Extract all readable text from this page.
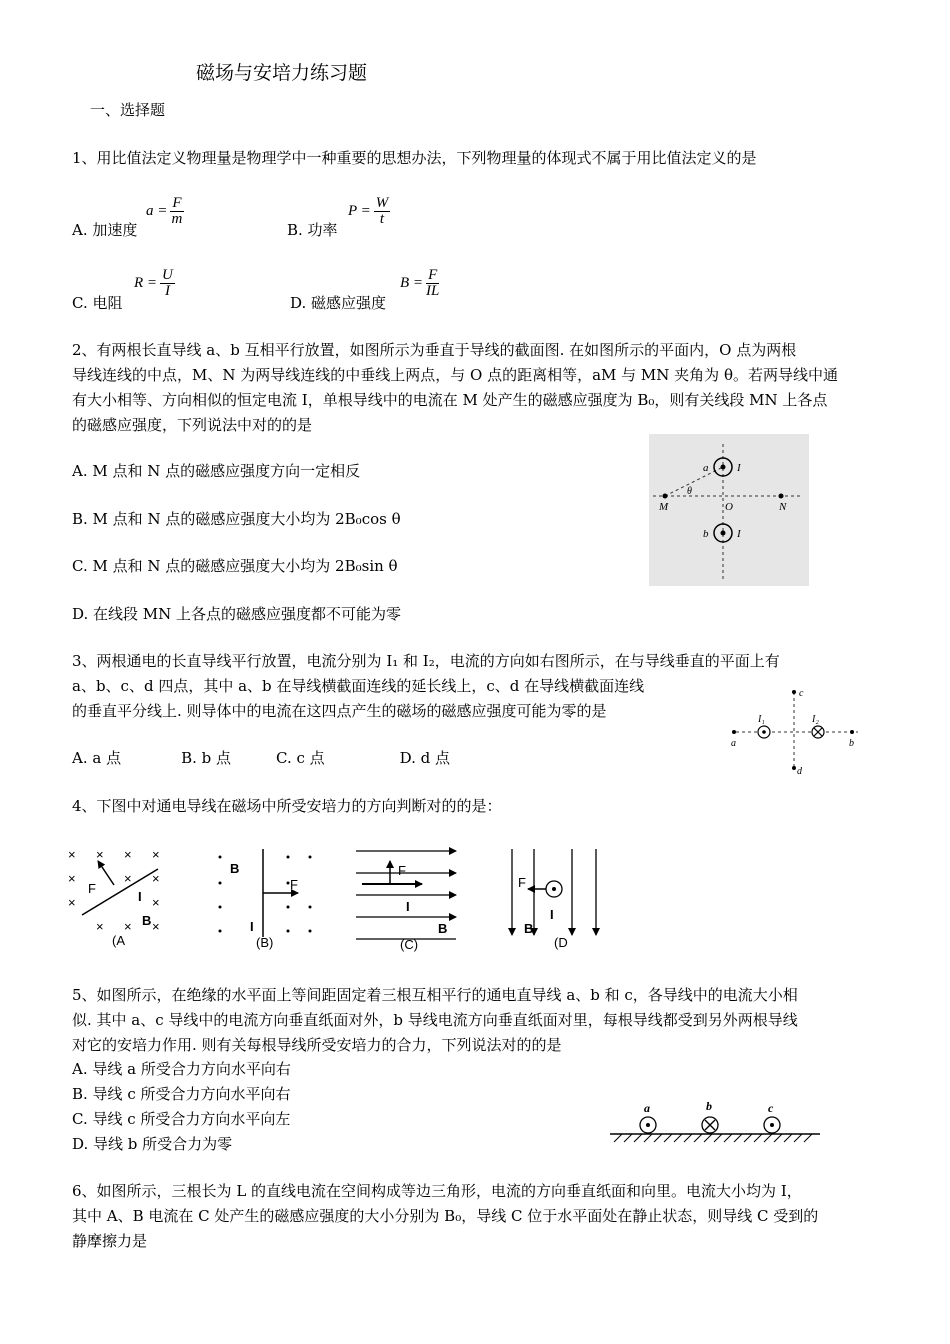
磁场与安培力练习题
一、选择题
1、用比值法定义物理量是物理学中一种重要的思想办法，下列物理量的体现式不属于用比值法定义的是
A. 加速度
$a = \frac{F}{m}$
B. 功率
$P = \frac{W}{t}$
C. 电阻
$R = \frac{U}{I}$
D. 磁感应强度
$B = \frac{F}{IL}$
2、有两根长直导线 a、b 互相平行放置，如图所示为垂直于导线的截面图. 在如图所示的平面内，O 点为两根
导线连线的中点，M、N 为两导线连线的中垂线上两点，与 O 点的距离相等，aM 与 MN 夹角为 θ。若两导线中通
有大小相等、方向相似的恒定电流 I，单根导线中的电流在 M 处产生的磁感应强度为 B₀，则有关线段 MN 上各点
的磁感应强度，下列说法中对的的是
A. M 点和 N 点的磁感应强度方向一定相反
B. M 点和 N 点的磁感应强度大小均为 2B₀cos θ
C. M 点和 N 点的磁感应强度大小均为 2B₀sin θ
D. 在线段 MN 上各点的磁感应强度都不可能为零
a	I
b	I
M	O	N
θ
3、两根通电的长直导线平行放置，电流分别为 I₁ 和 I₂，电流的方向如右图所示，在与导线垂直的平面上有
a、b、c、d 四点，其中 a、b 在导线横截面连线的延长线上，c、d 在导线横截面连线
的垂直平分线上. 则导体中的电流在这四点产生的磁场的磁感应强度可能为零的是
A. a 点　　　　B. b 点　　　C. c 点　　　　　D. d 点
a	b
c
d
I₁	I₂
4、下图中对通电导线在磁场中所受安培力的方向判断对的的是：
× × × ×
×	× ×
×	×
× × ×
F
I
B
(A
B
F
I
(B)
F
I
B
(C)
F
I
B
(D
5、如图所示，在绝缘的水平面上等间距固定着三根互相平行的通电直导线 a、b 和 c，各导线中的电流大小相
似. 其中 a、c 导线中的电流方向垂直纸面对外，b 导线电流方向垂直纸面对里，每根导线都受到另外两根导线
对它的安培力作用. 则有关每根导线所受安培力的合力，下列说法对的的是
A. 导线 a 所受合力方向水平向右
B. 导线 c 所受合力方向水平向右
C. 导线 c 所受合力方向水平向左
D. 导线 b 所受合力为零
a	b	c
6、如图所示，三根长为 L 的直线电流在空间构成等边三角形，电流的方向垂直纸面和向里。电流大小均为 I，
其中 A、B 电流在 C 处产生的磁感应强度的大小分别为 B₀，导线 C 位于水平面处在静止状态，则导线 C 受到的
静摩擦力是
